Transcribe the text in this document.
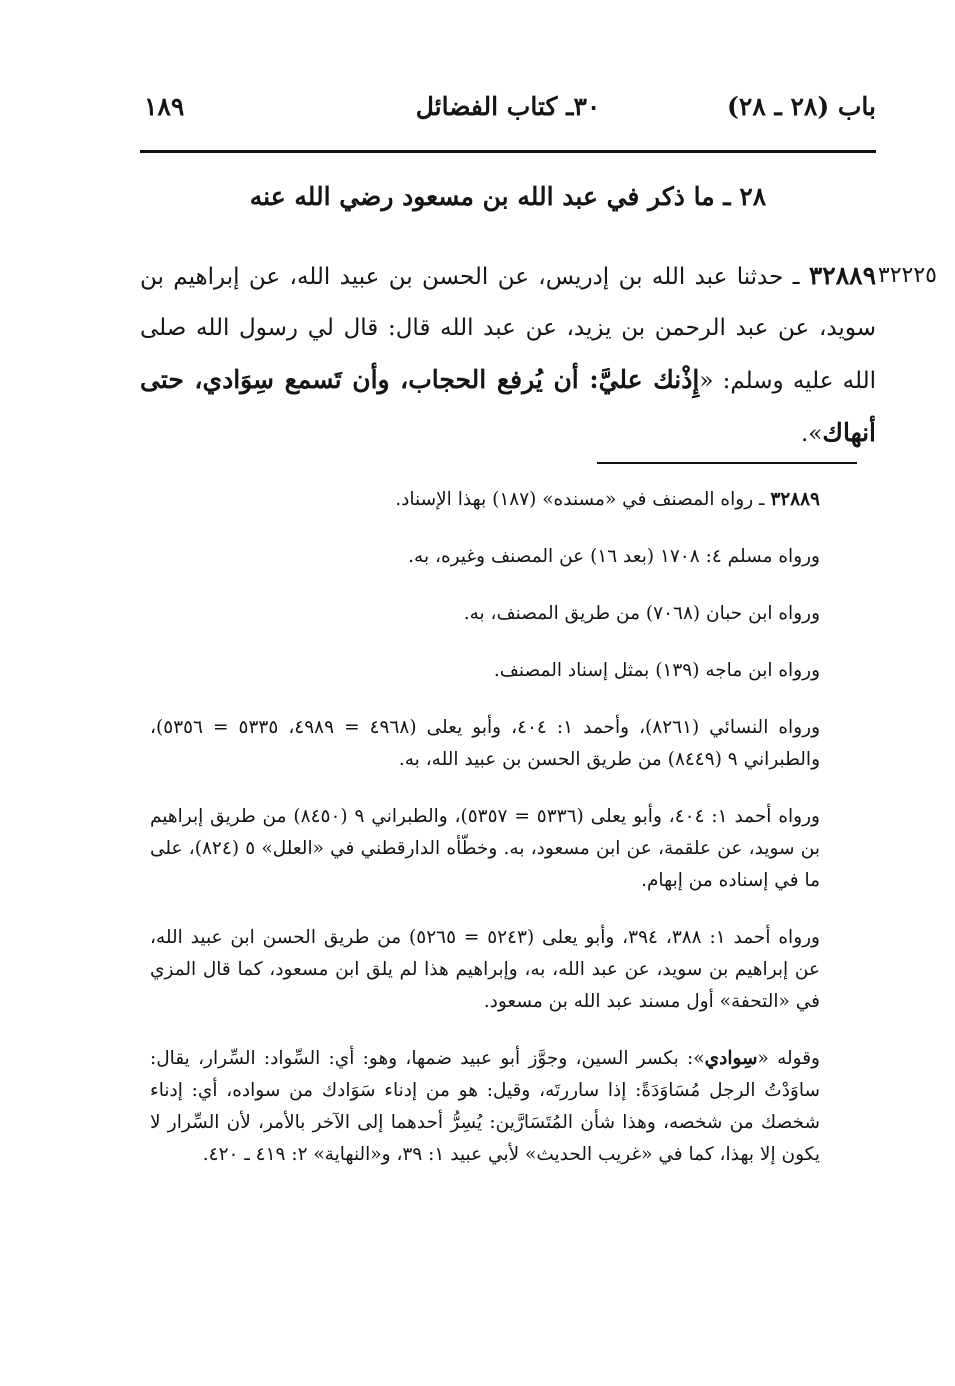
باب (٢٨ ـ ٢٨)
٣٠ـ كتاب الفضائل
١٨٩
٢٨ ـ ما ذكر في عبد الله بن مسعود رضي الله عنه
٣٢٢٢٥
٣٢٨٨٩ ـ حدثنا عبد الله بن إدريس، عن الحسن بن عبيد الله، عن إبراهيم بن سويد، عن عبد الرحمن بن يزيد، عن عبد الله قال: قال لي رسول الله صلى الله عليه وسلم: «إِذْنك عليَّ: أن يُرفع الحجاب، وأن تَسمع سِوَادي، حتى أنهاك».

٣٢٨٨٩ ـ رواه المصنف في «مسنده» (١٨٧) بهذا الإسناد.

ورواه مسلم ٤: ١٧٠٨ (بعد ١٦) عن المصنف وغيره، به.

ورواه ابن حبان (٧٠٦٨) من طريق المصنف، به.

ورواه ابن ماجه (١٣٩) بمثل إسناد المصنف.

ورواه النسائي (٨٢٦١)، وأحمد ١: ٤٠٤، وأبو يعلى (٤٩٦٨ = ٤٩٨٩، ٥٣٣٥ = ٥٣٥٦)، والطبراني ٩ (٨٤٤٩) من طريق الحسن بن عبيد الله، به.

ورواه أحمد ١: ٤٠٤، وأبو يعلى (٥٣٣٦ = ٥٣٥٧)، والطبراني ٩ (٨٤٥٠) من طريق إبراهيم بن سويد، عن علقمة، عن ابن مسعود، به. وخطّأه الدارقطني في «العلل» ٥ (٨٢٤)، على ما في إسناده من إبهام.

ورواه أحمد ١: ٣٨٨، ٣٩٤، وأبو يعلى (٥٢٤٣ = ٥٢٦٥) من طريق الحسن ابن عبيد الله، عن إبراهيم بن سويد، عن عبد الله، به، وإبراهيم هذا لم يلق ابن مسعود، كما قال المزي في «التحفة» أول مسند عبد الله بن مسعود.

وقوله «سِوادي»: بكسر السين، وجوَّز أبو عبيد ضمها، وهو: أي: السِّواد: السِّرار، يقال: ساوَدْتُ الرجل مُسَاوَدَةً: إذا ساررتَه، وقيل: هو من إدناء سَوَادك من سواده، أي: إدناء شخصك من شخصه، وهذا شأن المُتَسَارَّين: يُسِرُّ أحدهما إلى الآخر بالأمر، لأن السِّرار لا يكون إلا بهذا، كما في «غريب الحديث» لأبي عبيد ١: ٣٩، و«النهاية» ٢: ٤١٩ ـ ٤٢٠.
